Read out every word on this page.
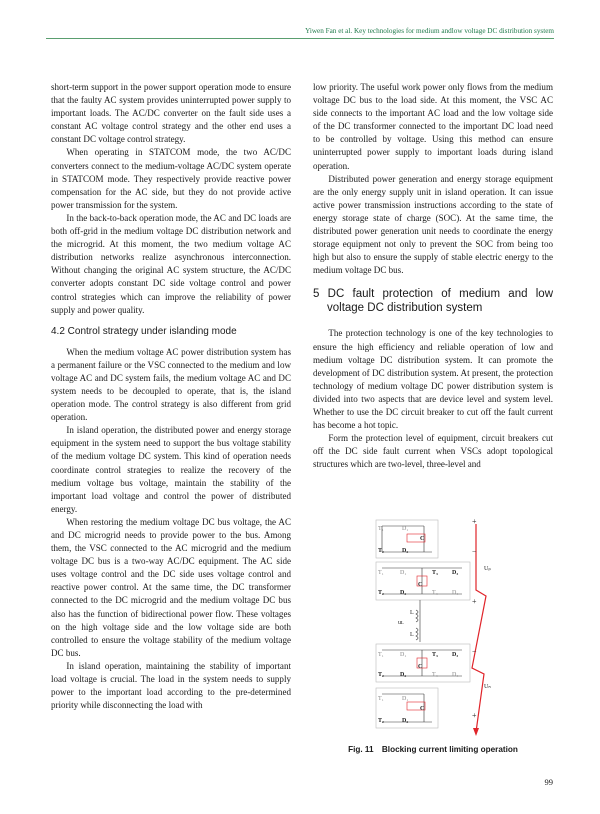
Yiwen Fan et al. Key technologies for medium andlow voltage DC distribution system

short-term support in the power support operation mode to ensure that the faulty AC system provides uninterrupted power supply to important loads. The AC/DC converter on the fault side uses a constant AC voltage control strategy and the other end uses a constant DC voltage control strategy.

When operating in STATCOM mode, the two AC/DC converters connect to the medium-voltage AC/DC system operate in STATCOM mode. They respectively provide reactive power compensation for the AC side, but they do not provide active power transmission for the system.

In the back-to-back operation mode, the AC and DC loads are both off-grid in the medium voltage DC distribution network and the microgrid. At this moment, the two medium voltage AC distribution networks realize asynchronous interconnection. Without changing the original AC system structure, the AC/DC converter adopts constant DC side voltage control and power control strategies which can improve the reliability of power supply and power quality.

4.2 Control strategy under islanding mode

When the medium voltage AC power distribution system has a permanent failure or the VSC connected to the medium and low voltage AC and DC system fails, the medium voltage AC and DC system needs to be decoupled to operate, that is, the island operation mode. The control strategy is also different from grid operation.

In island operation, the distributed power and energy storage equipment in the system need to support the bus voltage stability of the medium voltage DC system. This kind of operation needs coordinate control strategies to realize the recovery of the medium voltage bus voltage, maintain the stability of the important load voltage and control the power of distributed energy.

When restoring the medium voltage DC bus voltage, the AC and DC microgrid needs to provide power to the bus. Among them, the VSC connected to the AC microgrid and the medium voltage DC bus is a two-way AC/DC equipment. The AC side uses voltage control and the DC side uses voltage control and reactive power control. At the same time, the DC transformer connected to the DC microgrid and the medium voltage DC bus also has the function of bidirectional power flow. These voltages on the high voltage side and the low voltage side are both controlled to ensure the voltage stability of the medium voltage DC bus.

In island operation, maintaining the stability of important load voltage is crucial. The load in the system needs to supply power to the important load according to the pre-determined priority while disconnecting the load with

low priority. The useful work power only flows from the medium voltage DC bus to the load side. At this moment, the VSC AC side connects to the important AC load and the low voltage side of the DC transformer connected to the important DC load need to be controlled by voltage. Using this method can ensure uninterrupted power supply to important loads during island operation.

Distributed power generation and energy storage equipment are the only energy supply unit in island operation. It can issue active power transmission instructions according to the state of energy storage state of charge (SOC). At the same time, the distributed power generation unit needs to coordinate the energy storage equipment not only to prevent the SOC from being too high but also to ensure the supply of stable electric energy to the medium voltage DC bus.

5 DC fault protection of medium and low voltage DC distribution system

The protection technology is one of the key technologies to ensure the high efficiency and reliable operation of low and medium voltage DC distribution system. It can promote the development of DC distribution system. At present, the protection technology of medium voltage DC power distribution system is divided into two aspects that are device level and system level. Whether to use the DC circuit breaker to cut off the fault current has become a hot topic.

Form the protection level of equipment, circuit breakers cut off the DC side fault current when VSCs adopt topological structures which are two-level, three-level and

T₁	D₁
C
T₂	D₂
T₁	D₁	T₃ D₃
C
T₂	D₂	T₄ D₄
L
uʟ
L
T₁	D₁	T₃ D₃
C
T₂	D₂	T₄ D₄
T₁	D₁
C
T₂	D₂
+
−
Uₚ
+
−
Uₙ
+
Fig. 11 Blocking current limiting operation
99
